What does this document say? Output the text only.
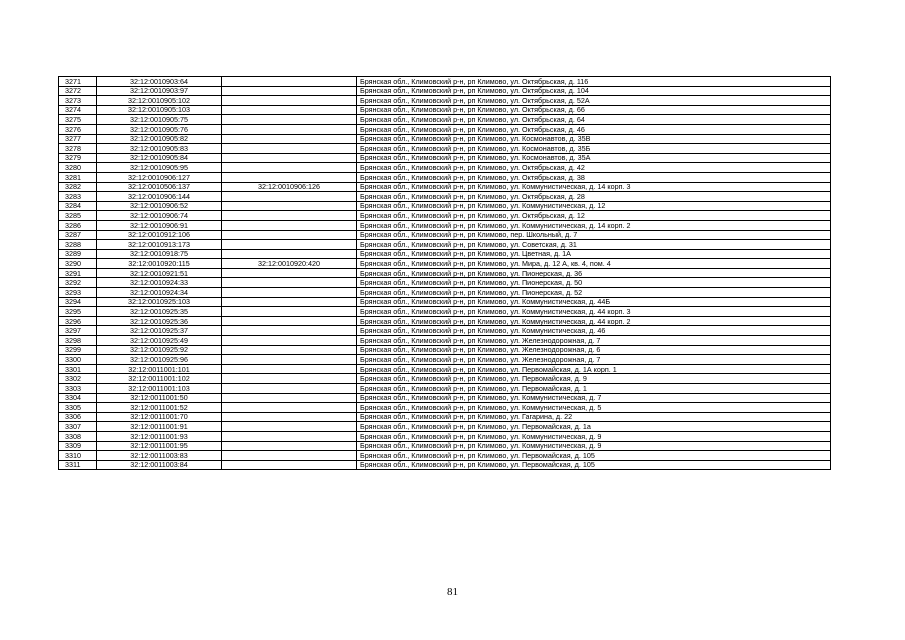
3271	32:12:0010903:64		Брянская обл., Климовский р-н, рп Климово, ул. Октябрьская, д. 116
3272	32:12:0010903:97		Брянская обл., Климовский р-н, рп Климово, ул. Октябрьская, д. 104
3273	32:12:0010905:102		Брянская обл., Климовский р-н, рп Климово, ул. Октябрьская, д. 52А
3274	32:12:0010905:103		Брянская обл., Климовский р-н, рп Климово, ул. Октябрьская, д. 66
3275	32:12:0010905:75		Брянская обл., Климовский р-н, рп Климово, ул. Октябрьская, д. 64
3276	32:12:0010905:76		Брянская обл., Климовский р-н, рп Климово, ул. Октябрьская, д. 46
3277	32:12:0010905:82		Брянская обл., Климовский р-н, рп Климово, ул. Космонавтов, д. 35В
3278	32:12:0010905:83		Брянская обл., Климовский р-н, рп Климово, ул. Космонавтов, д. 35Б
3279	32:12:0010905:84		Брянская обл., Климовский р-н, рп Климово, ул. Космонавтов, д. 35А
3280	32:12:0010905:95		Брянская обл., Климовский р-н, рп Климово, ул. Октябрьская, д. 42
3281	32:12:0010906:127		Брянская обл., Климовский р-н, рп Климово, ул. Октябрьская, д. 38
3282	32:12:0010506:137	32:12:0010906:126	Брянская обл., Климовский р-н, рп Климово, ул. Коммунистическая, д. 14 корп. 3
3283	32:12:0010906:144		Брянская обл., Климовский р-н, рп Климово, ул. Октябрьская, д. 28
3284	32:12:0010906:52		Брянская обл., Климовский р-н, рп Климово, ул. Коммунистическая, д. 12
3285	32:12:0010906:74		Брянская обл., Климовский р-н, рп Климово, ул. Октябрьская, д. 12
3286	32:12:0010906:91		Брянская обл., Климовский р-н, рп Климово, ул. Коммунистическая, д. 14 корп. 2
3287	32:12:0010912:106		Брянская обл., Климовский р-н, рп Климово, пер. Школьный, д. 7
3288	32:12:0010913:173		Брянская обл., Климовский р-н, рп Климово, ул. Советская, д. 31
3289	32:12:0010918:75		Брянская обл., Климовский р-н, рп Климово, ул. Цветная, д. 1А
3290	32:12:0010920:115	32:12:0010920:420	Брянская обл., Климовский р-н, рп Климово, ул. Мира, д. 12 А, кв. 4, пом. 4
3291	32:12:0010921:51		Брянская обл., Климовский р-н, рп Климово, ул. Пионерская, д. 36
3292	32:12:0010924:33		Брянская обл., Климовский р-н, рп Климово, ул. Пионерская, д. 50
3293	32:12:0010924:34		Брянская обл., Климовский р-н, рп Климово, ул. Пионерская, д. 52
3294	32:12:0010925:103		Брянская обл., Климовский р-н, рп Климово, ул. Коммунистическая, д. 44Б
3295	32:12:0010925:35		Брянская обл., Климовский р-н, рп Климово, ул. Коммунистическая, д. 44 корп. 3
3296	32:12:0010925:36		Брянская обл., Климовский р-н, рп Климово, ул. Коммунистическая, д. 44 корп. 2
3297	32:12:0010925:37		Брянская обл., Климовский р-н, рп Климово, ул. Коммунистическая, д. 46
3298	32:12:0010925:49		Брянская обл., Климовский р-н, рп Климово, ул. Железнодорожная, д. 7
3299	32:12:0010925:92		Брянская обл., Климовский р-н, рп Климово, ул. Железнодорожная, д. 6
3300	32:12:0010925:96		Брянская обл., Климовский р-н, рп Климово, ул. Железнодорожная, д. 7
3301	32:12:0011001:101		Брянская обл., Климовский р-н, рп Климово, ул. Первомайская, д. 1А корп. 1
3302	32:12:0011001:102		Брянская обл., Климовский р-н, рп Климово, ул. Первомайская, д. 9
3303	32:12:0011001:103		Брянская обл., Климовский р-н, рп Климово, ул. Первомайская, д. 1
3304	32:12:0011001:50		Брянская обл., Климовский р-н, рп Климово, ул. Коммунистическая, д. 7
3305	32:12:0011001:52		Брянская обл., Климовский р-н, рп Климово, ул. Коммунистическая, д. 5
3306	32:12:0011001:70		Брянская обл., Климовский р-н, рп Климово, ул. Гагарина, д. 22
3307	32:12:0011001:91		Брянская обл., Климовский р-н, рп Климово, ул. Первомайская, д. 1а
3308	32:12:0011001:93		Брянская обл., Климовский р-н, рп Климово, ул. Коммунистическая, д. 9
3309	32:12:0011001:95		Брянская обл., Климовский р-н, рп Климово, ул. Коммунистическая, д. 9
3310	32:12:0011003:83		Брянская обл., Климовский р-н, рп Климово, ул. Первомайская, д. 105
3311	32:12:0011003:84		Брянская обл., Климовский р-н, рп Климово, ул. Первомайская, д. 105
81
